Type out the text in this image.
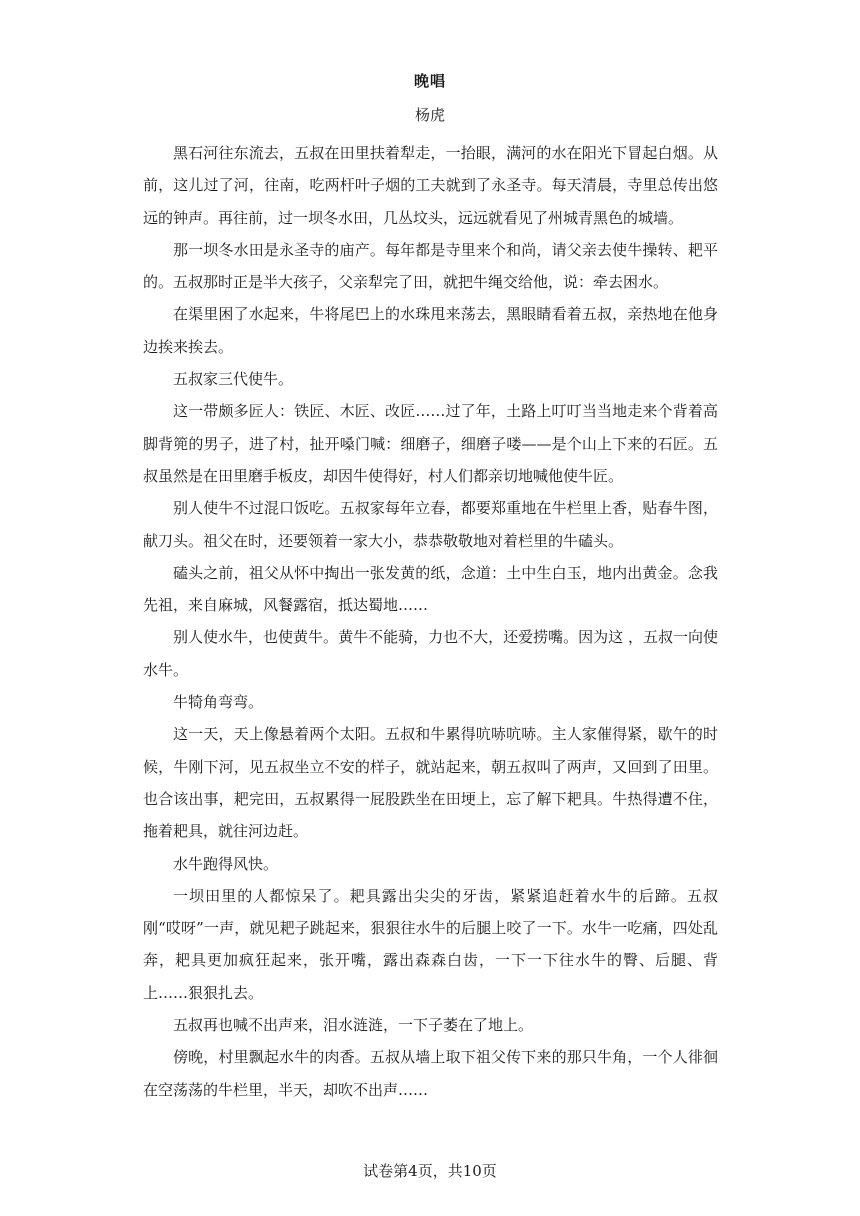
晚唱
杨虎

黑石河往东流去，五叔在田里扶着犁走，一抬眼，满河的水在阳光下冒起白烟。从前，这儿过了河，往南，吃两杆叶子烟的工夫就到了永圣寺。每天清晨，寺里总传出悠远的钟声。再往前，过一坝冬水田，几丛坟头，远远就看见了州城青黑色的城墙。

那一坝冬水田是永圣寺的庙产。每年都是寺里来个和尚，请父亲去使牛操转、耙平的。五叔那时正是半大孩子，父亲犁完了田，就把牛绳交给他，说：牵去困水。

在渠里困了水起来，牛将尾巴上的水珠甩来荡去，黑眼睛看着五叔，亲热地在他身边挨来挨去。

五叔家三代使牛。

这一带颇多匠人：铁匠、木匠、改匠……过了年，土路上叮叮当当地走来个背着高脚背篼的男子，进了村，扯开嗓门喊：细磨子，细磨子喽——是个山上下来的石匠。五叔虽然是在田里磨手板皮，却因牛使得好，村人们都亲切地喊他使牛匠。

别人使牛不过混口饭吃。五叔家每年立春，都要郑重地在牛栏里上香，贴春牛图，献刀头。祖父在时，还要领着一家大小，恭恭敬敬地对着栏里的牛磕头。

磕头之前，祖父从怀中掏出一张发黄的纸，念道：土中生白玉，地内出黄金。念我先祖，来自麻城，风餐露宿，抵达蜀地……

别人使水牛，也使黄牛。黄牛不能骑，力也不大，还爱捞嘴。因为这 ，五叔一向使水牛。

牛犄角弯弯。

这一天，天上像悬着两个太阳。五叔和牛累得吭哧吭哧。主人家催得紧，歇午的时候，牛刚下河，见五叔坐立不安的样子，就站起来，朝五叔叫了两声，又回到了田里。也合该出事，耙完田，五叔累得一屁股跌坐在田埂上，忘了解下耙具。牛热得遭不住，拖着耙具，就往河边赶。

水牛跑得风快。

一坝田里的人都惊呆了。耙具露出尖尖的牙齿，紧紧追赶着水牛的后蹄。五叔刚“哎呀”一声，就见耙子跳起来，狠狠往水牛的后腿上咬了一下。水牛一吃痛，四处乱奔，耙具更加疯狂起来，张开嘴，露出森森白齿，一下一下往水牛的臀、后腿、背上……狠狠扎去。

五叔再也喊不出声来，泪水涟涟，一下子萎在了地上。

傍晚，村里飘起水牛的肉香。五叔从墙上取下祖父传下来的那只牛角，一个人徘徊在空荡荡的牛栏里，半天，却吹不出声……

试卷第4页，共10页
